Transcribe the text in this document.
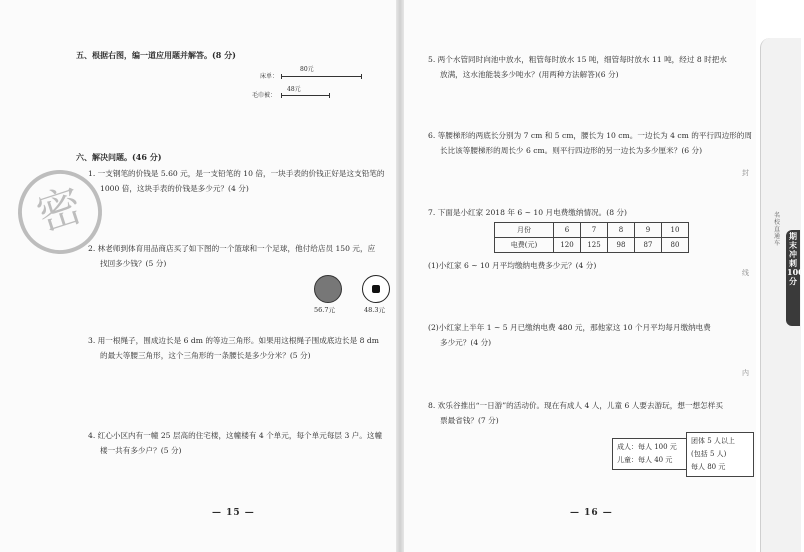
五、根据右图，编一道应用题并解答。(8 分)
床单：
毛巾被：
80元
48元
六、解决问题。(46 分)
1. 一支钢笔的价钱是 5.60 元，是一支铅笔的 10 倍，一块手表的价钱正好是这支铅笔的
1000 倍，这块手表的价钱是多少元？(4 分)
2. 林老师到体育用品商店买了如下图的一个篮球和一个足球，他付给店员 150 元，应
找回多少钱？(5 分)
56.7元	48.3元
3. 用一根绳子，围成边长是 6 dm 的等边三角形。如果用这根绳子围成底边长是 8 dm
的最大等腰三角形，这个三角形的一条腰长是多少分米？(5 分)
4. 红心小区内有一幢 25 层高的住宅楼，这幢楼有 4 个单元，每个单元每层 3 户。这幢
楼一共有多少户？(5 分)
密
— 15 —
5. 两个水管同时向池中放水，粗管每时放水 15 吨，细管每时放水 11 吨，经过 8 时把水
放满，这水池能装多少吨水？(用两种方法解答)(6 分)
6. 等腰梯形的两底长分别为 7 cm 和 5 cm，腰长为 10 cm。一边长为 4 cm 的平行四边形的周
长比该等腰梯形的周长少 6 cm。则平行四边形的另一边长为多少厘米？(6 分)
7. 下面是小红家 2018 年 6 ~ 10 月电费缴纳情况。(8 分)
月份	6	7	8	9	10
电费(元)	120	125	98	87	80
(1)小红家 6 ~ 10 月平均缴纳电费多少元？(4 分)
(2)小红家上半年 1 ~ 5 月已缴纳电费 480 元，那他家这 10 个月平均每月缴纳电费
多少元？(4 分)
8. 欢乐谷推出“一日游”的活动价。现在有成人 4 人，儿童 6 人要去游玩，想一想怎样买
票最省钱？(7 分)
成人：每人 100 元
儿童：每人 40 元
团体 5 人以上
(包括 5 人)
每人 80 元
— 16 —
封
线
内
名校直通车
期末冲刺100分
